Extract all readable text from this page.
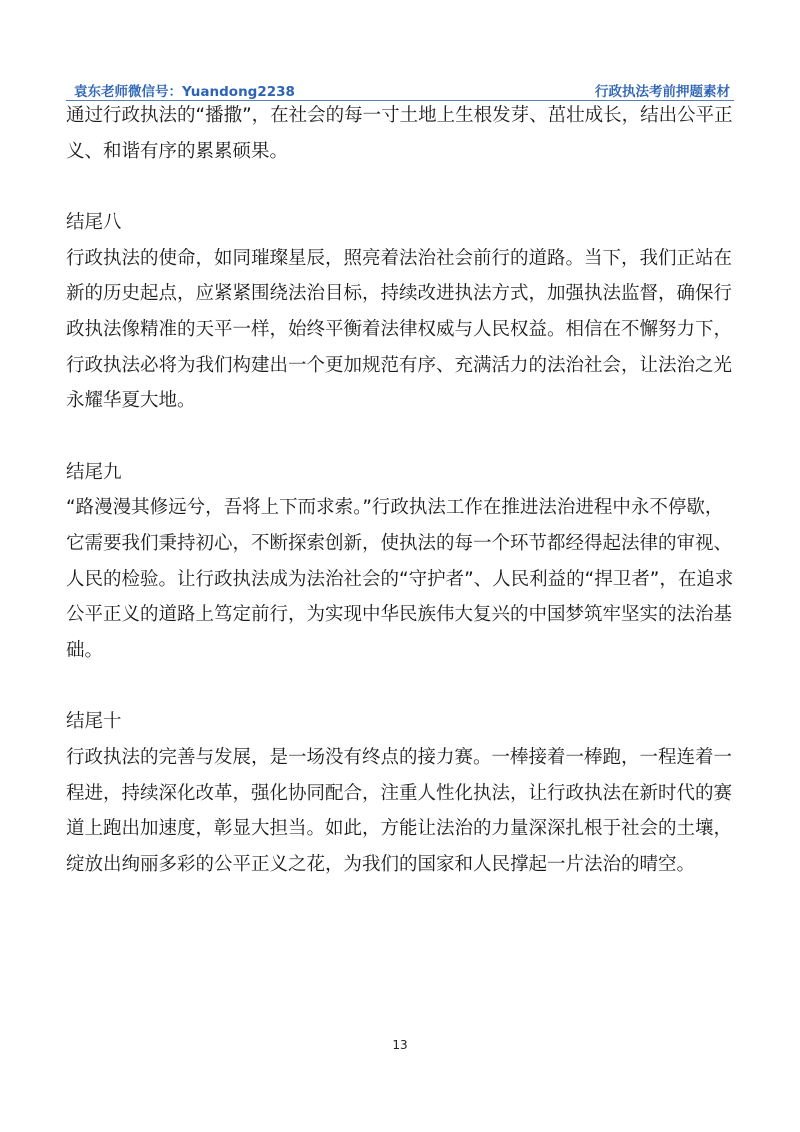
袁东老师微信号：Yuandong2238	行政执法考前押题素材

通过行政执法的“播撒”，在社会的每一寸土地上生根发芽、茁壮成长，结出公平正义、和谐有序的累累硕果。

结尾八

行政执法的使命，如同璀璨星辰，照亮着法治社会前行的道路。当下，我们正站在新的历史起点，应紧紧围绕法治目标，持续改进执法方式，加强执法监督，确保行政执法像精准的天平一样，始终平衡着法律权威与人民权益。相信在不懈努力下，行政执法必将为我们构建出一个更加规范有序、充满活力的法治社会，让法治之光永耀华夏大地。

结尾九

“路漫漫其修远兮，吾将上下而求索。”行政执法工作在推进法治进程中永不停歇，它需要我们秉持初心，不断探索创新，使执法的每一个环节都经得起法律的审视、人民的检验。让行政执法成为法治社会的“守护者”、人民利益的“捍卫者”，在追求公平正义的道路上笃定前行，为实现中华民族伟大复兴的中国梦筑牢坚实的法治基础。

结尾十

行政执法的完善与发展，是一场没有终点的接力赛。一棒接着一棒跑，一程连着一程进，持续深化改革，强化协同配合，注重人性化执法，让行政执法在新时代的赛道上跑出加速度，彰显大担当。如此，方能让法治的力量深深扎根于社会的土壤，绽放出绚丽多彩的公平正义之花，为我们的国家和人民撑起一片法治的晴空。

13
